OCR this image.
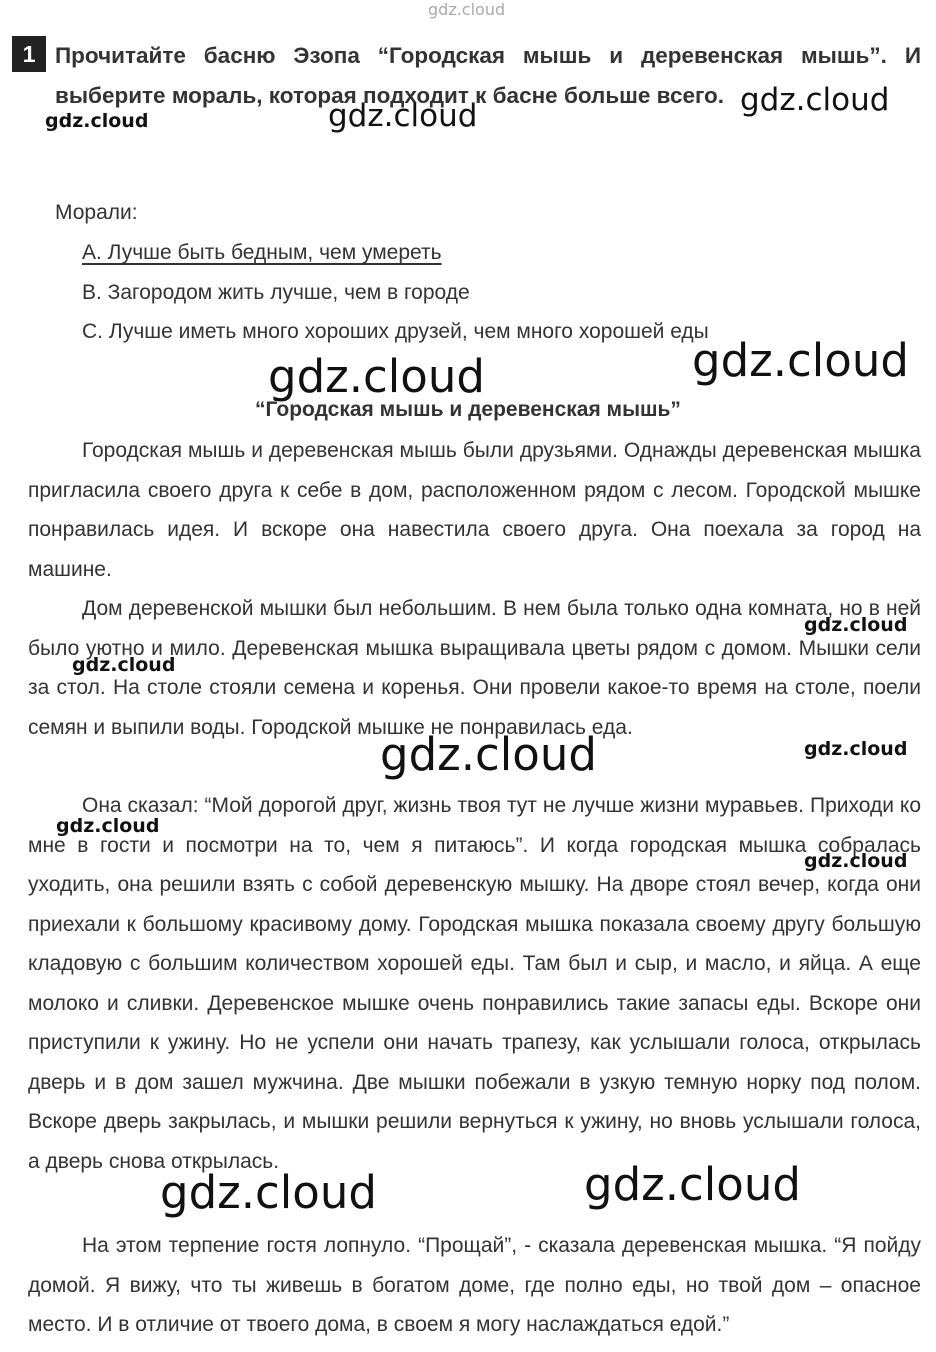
1 Прочитайте басню Эзопа “Городская мышь и деревенская мышь”. И выберите мораль, которая подходит к басне больше всего.
Морали:
A. Лучше быть бедным, чем умереть
B. Загородом жить лучше, чем в городе
C. Лучше иметь много хороших друзей, чем много хорошей еды
“Городская мышь и деревенская мышь”

Городская мышь и деревенская мышь были друзьями. Однажды деревенская мышка пригласила своего друга к себе в дом, расположенном рядом с лесом. Городской мышке понравилась идея. И вскоре она навестила своего друга. Она поехала за город на машине.

Дом деревенской мышки был небольшим. В нем была только одна комната, но в ней было уютно и мило. Деревенская мышка выращивала цветы рядом с домом. Мышки сели за стол. На столе стояли семена и коренья. Они провели какое-то время на столе, поели семян и выпили воды. Городской мышке не понравилась еда.

Она сказал: “Мой дорогой друг, жизнь твоя тут не лучше жизни муравьев. Приходи ко мне в гости и посмотри на то, чем я питаюсь”. И когда городская мышка собралась уходить, она решили взять с собой деревенскую мышку. На дворе стоял вечер, когда они приехали к большому красивому дому. Городская мышка показала своему другу большую кладовую с большим количеством хорошей еды. Там был и сыр, и масло, и яйца. А еще молоко и сливки. Деревенское мышке очень понравились такие запасы еды. Вскоре они приступили к ужину. Но не успели они начать трапезу, как услышали голоса, открылась дверь и в дом зашел мужчина. Две мышки побежали в узкую темную норку под полом. Вскоре дверь закрылась, и мышки решили вернуться к ужину, но вновь услышали голоса, а дверь снова открылась.

На этом терпение гостя лопнуло. “Прощай”, - сказала деревенская мышка. “Я пойду домой. Я вижу, что ты живешь в богатом доме, где полно еды, но твой дом – опасное место. И в отличие от твоего дома, в своем я могу наслаждаться едой.”

gdz.cloud
gdz.cloud
gdz.cloud	gdz.cloud
gdz.cloud
gdz.cloud
gdz.cloud
gdz.cloud
gdz.cloud
gdz.cloud
gdz.cloud
gdz.cloud
gdz.cloud	gdz.cloud
